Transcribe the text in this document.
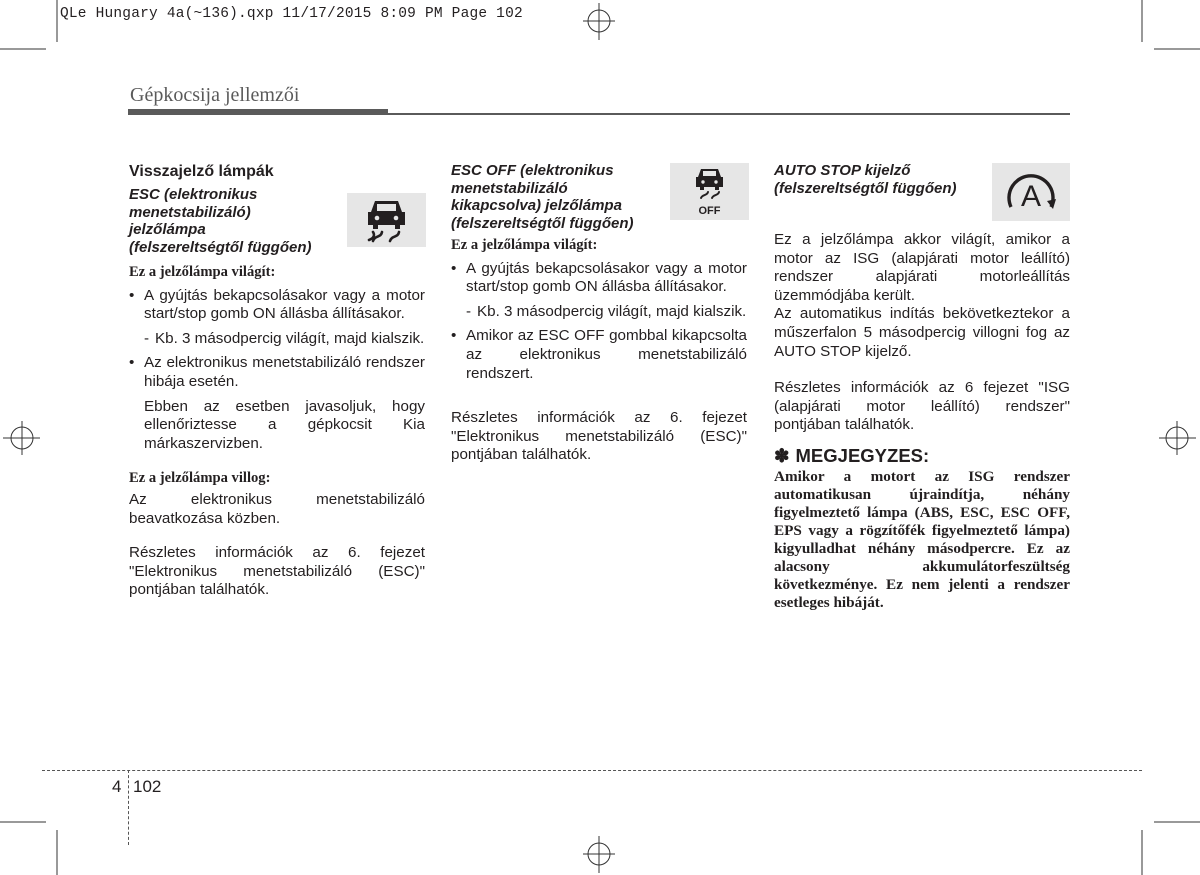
QLe Hungary 4a(~136).qxp 11/17/2015 8:09 PM Page 102
Gépkocsija jellemzői
Visszajelző lámpák
ESC (elektronikus
menetstabilizáló)
jelzőlámpa
(felszereltségtől függően)

Ez a jelzőlámpa világít:

• A gyújtás bekapcsolásakor vagy a motor start/stop gomb ON állásba állításakor.

- Kb. 3 másodpercig világít, majd kialszik.

• Az elektronikus menetstabilizáló rendszer hibája esetén.

Ebben az esetben javasoljuk, hogy ellenőriztesse a gépkocsit Kia márkaszervizben.

Ez a jelzőlámpa villog:

Az elektronikus menetstabilizáló beavatkozása közben.

Részletes információk az 6. fejezet "Elektronikus menetstabilizáló (ESC)" pontjában találhatók.

ESC OFF (elektronikus
menetstabilizáló
kikapcsolva) jelzőlámpa
(felszereltségtől függően)
OFF

Ez a jelzőlámpa világít:

• A gyújtás bekapcsolásakor vagy a motor start/stop gomb ON állásba állításakor.

- Kb. 3 másodpercig világít, majd kialszik.

• Amikor az ESC OFF gombbal kikapcsolta az elektronikus menetstabilizáló rendszert.

Részletes információk az 6. fejezet "Elektronikus menetstabilizáló (ESC)" pontjában találhatók.

AUTO STOP kijelző
(felszereltségtől függően)	A

Ez a jelzőlámpa akkor világít, amikor a motor az ISG (alapjárati motor leállító) rendszer alapjárati motorleállítás üzemmódjába került.

Az automatikus indítás bekövetkeztekor a műszerfalon 5 másodpercig villogni fog az AUTO STOP kijelző.

Részletes információk az 6 fejezet "ISG (alapjárati motor leállító) rendszer" pontjában találhatók.

✽ MEGJEGYZES:

Amikor a motort az ISG rendszer automatikusan újraindítja, néhány figyelmeztető lámpa (ABS, ESC, ESC OFF, EPS vagy a rögzítőfék figyelmeztető lámpa) kigyulladhat néhány másodpercre. Ez az alacsony akkumulátorfeszültség következménye. Ez nem jelenti a rendszer esetleges hibáját.

4 102
